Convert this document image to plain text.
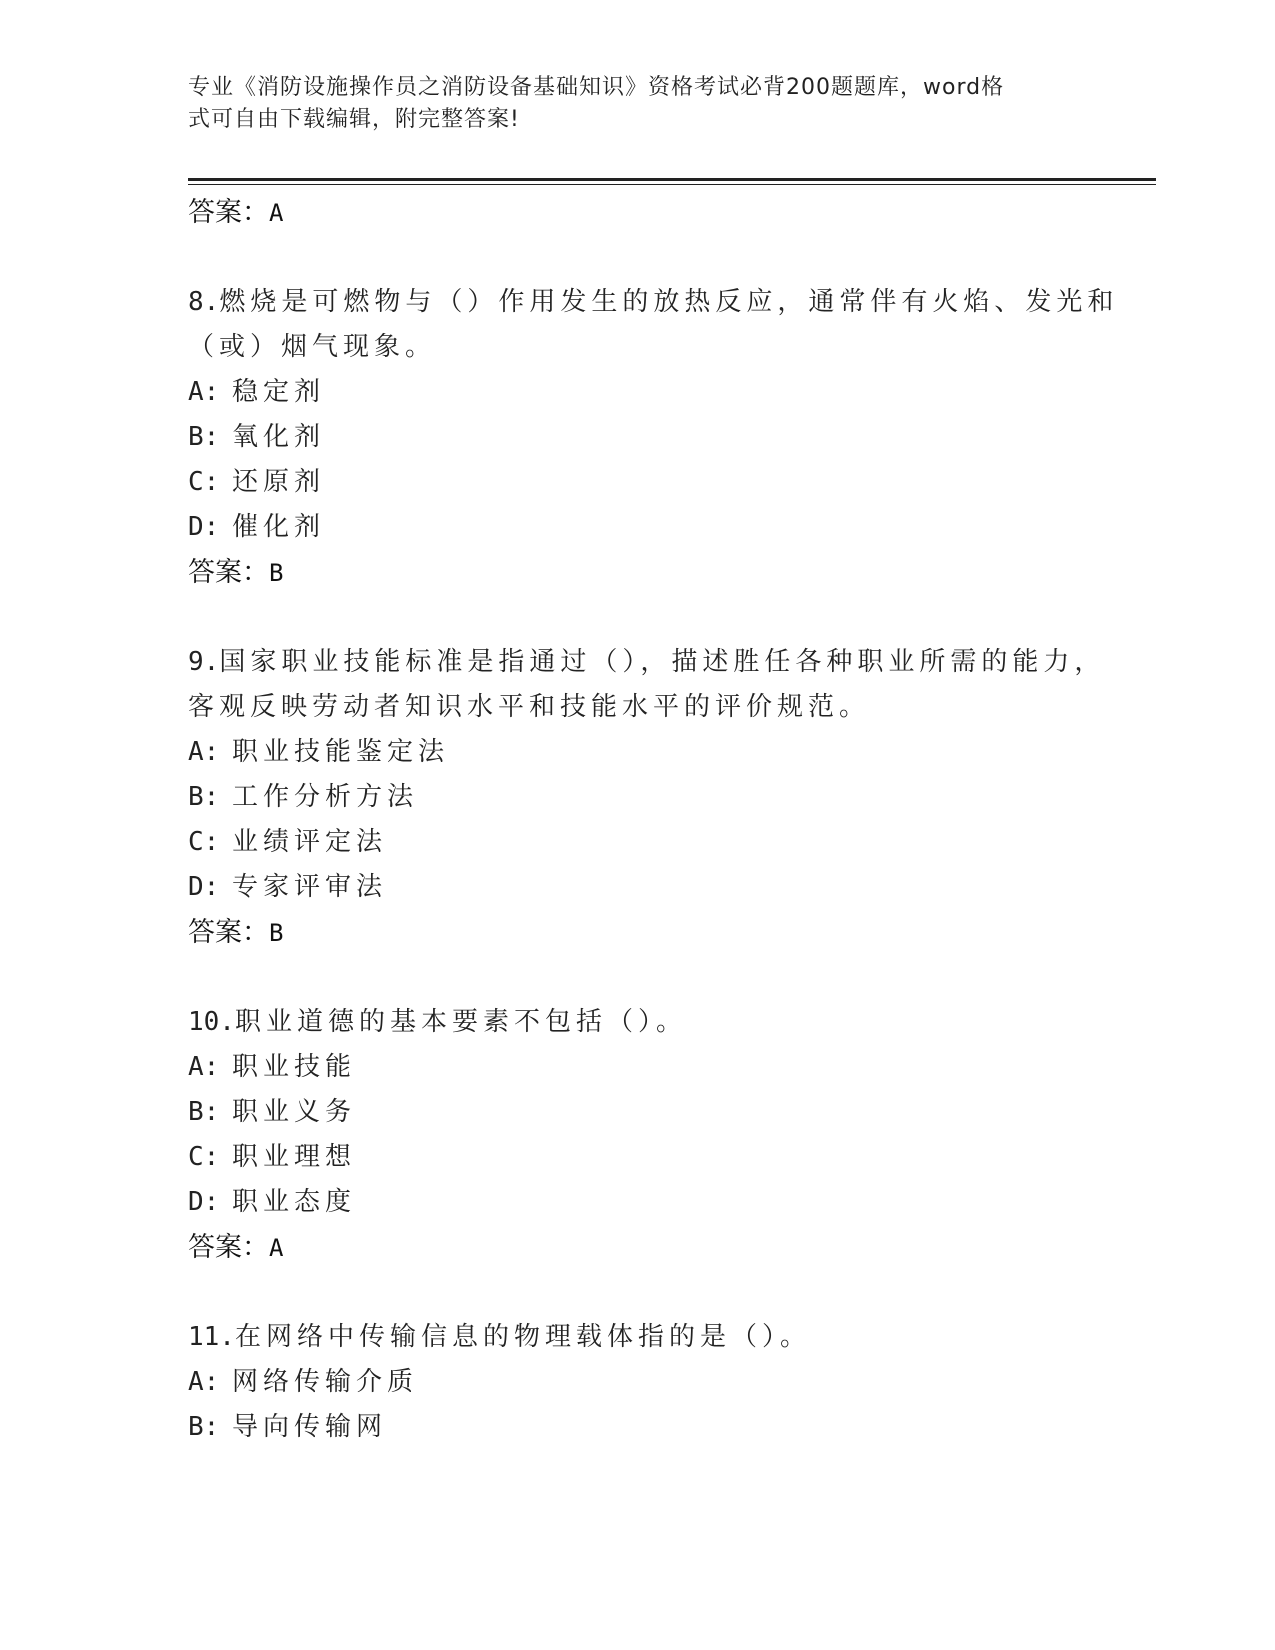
专业《消防设施操作员之消防设备基础知识》资格考试必背200题题库，word格
式可自由下载编辑，附完整答案!
答案：A
8.燃烧是可燃物与（）作用发生的放热反应，通常伴有火焰、发光和
（或）烟气现象。
A: 稳定剂
B: 氧化剂
C: 还原剂
D: 催化剂
答案：B
9.国家职业技能标准是指通过（），描述胜任各种职业所需的能力，
客观反映劳动者知识水平和技能水平的评价规范。
A: 职业技能鉴定法
B: 工作分析方法
C: 业绩评定法
D: 专家评审法
答案：B
10.职业道德的基本要素不包括（）。
A: 职业技能
B: 职业义务
C: 职业理想
D: 职业态度
答案：A
11.在网络中传输信息的物理载体指的是（）。
A: 网络传输介质
B: 导向传输网
